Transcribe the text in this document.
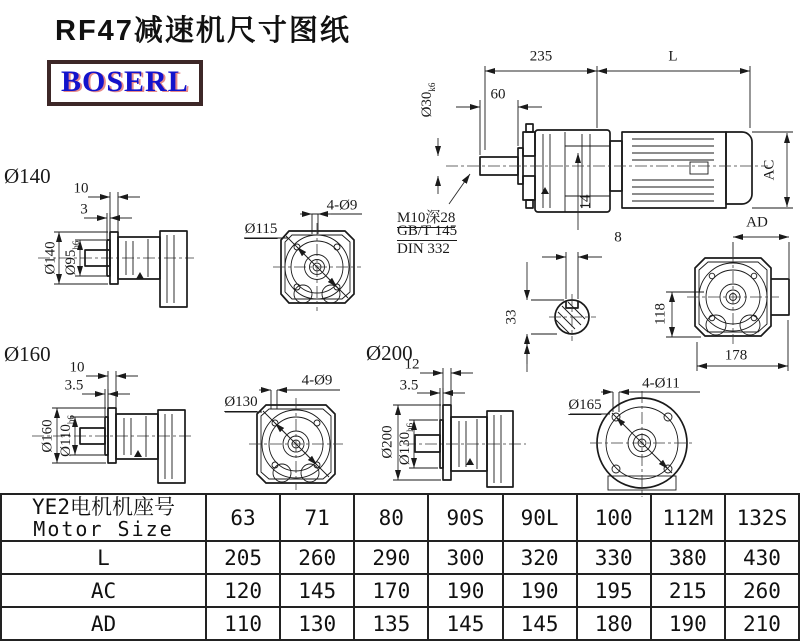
RF47减速机尺寸图纸
BOSERL
235	L
60
$Ø30_{k6}$
14
AC
AD
M10深28
GB/T 145
DIN 332
8
33	118
178
Ø140
10
3
Ø140 $Ø95_{h6}$
4-Ø9
Ø115
Ø160
10
3.5
Ø160 $Ø110_{h6}$
4-Ø9
Ø130
Ø200
12
3.5
Ø200 $Ø130_{h6}$
4-Ø11
Ø165
YE2电机机座号
Motor Size	63	71	80	90S	90L	100	112M	132S
L	205	260	290	300	320	330	380	430
AC	120	145	170	190	190	195	215	260
AD	110	130	135	145	145	180	190	210
